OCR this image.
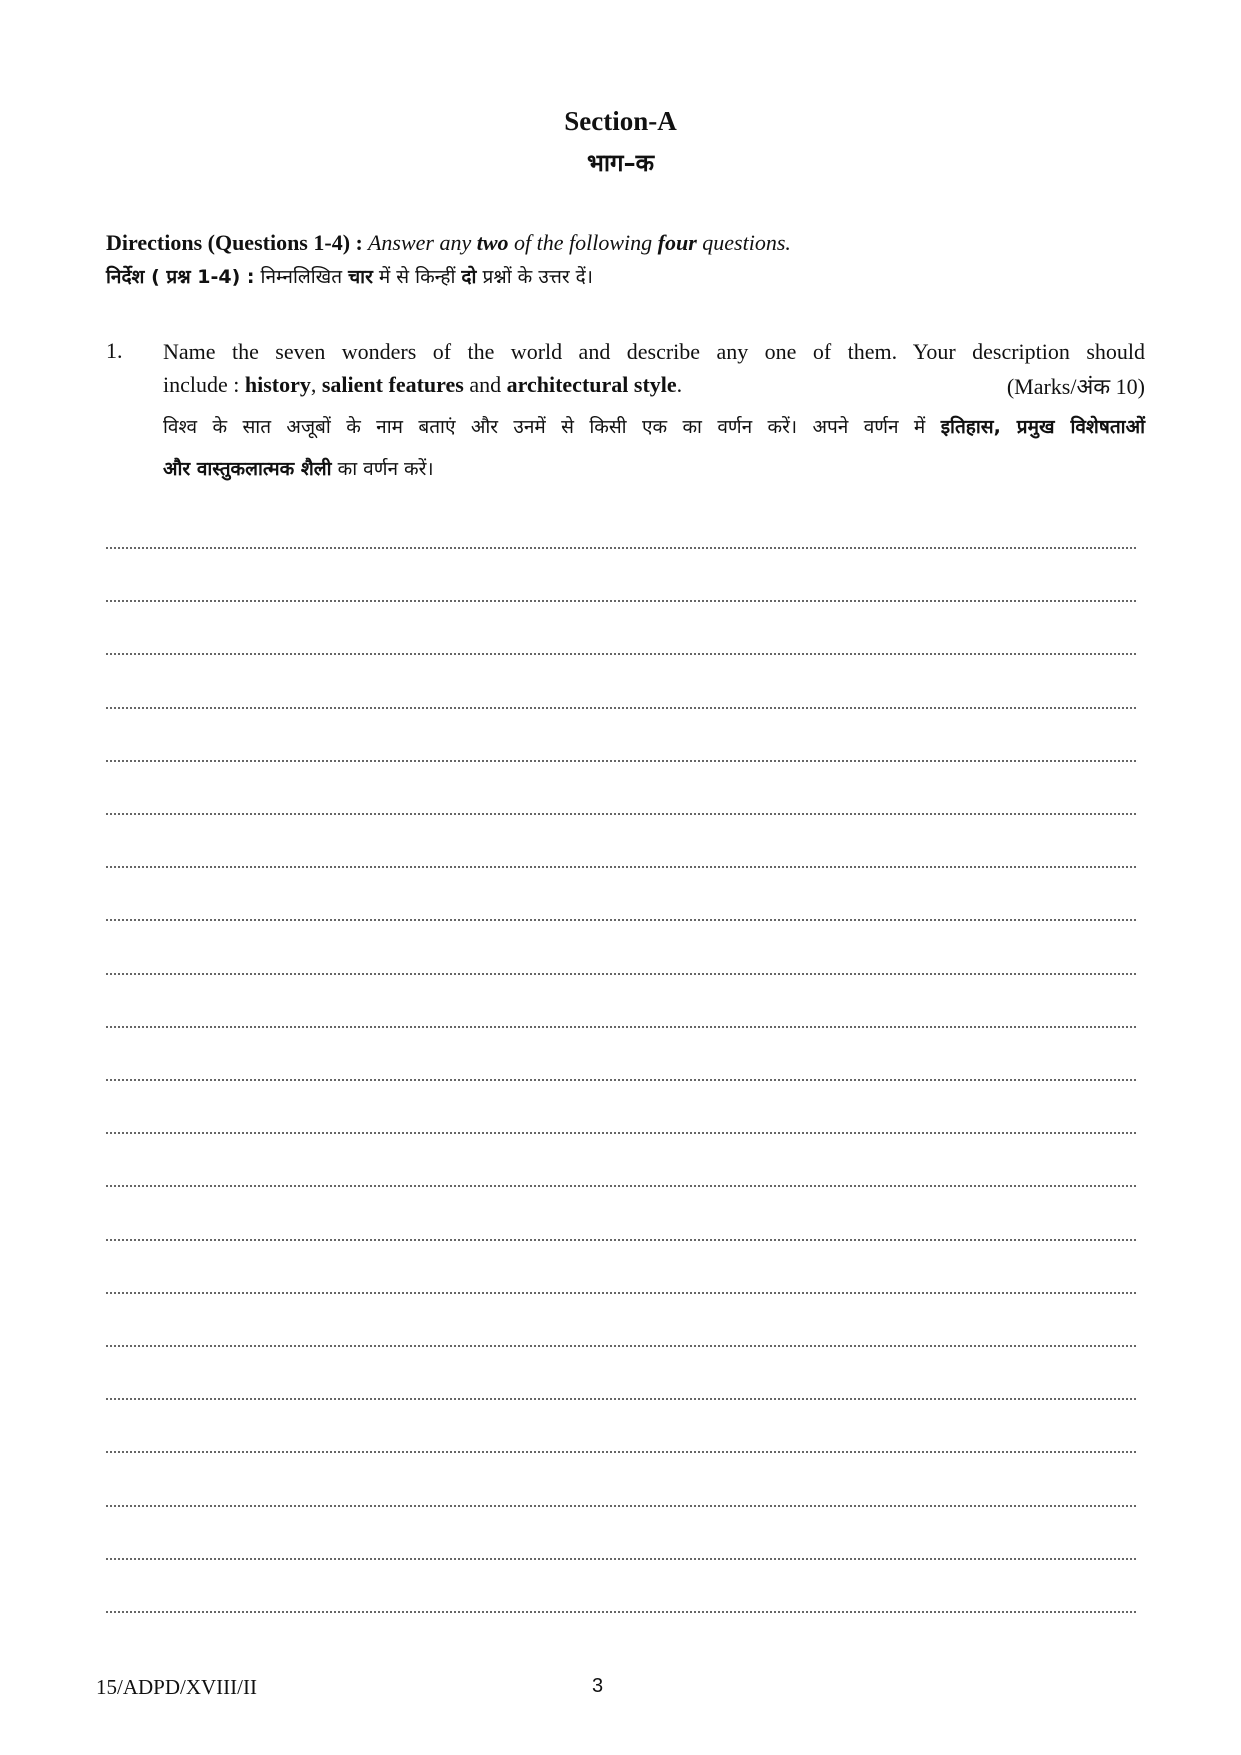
Section-A
भाग–क
Directions (Questions 1-4) : Answer any two of the following four questions.
निर्देश ( प्रश्न 1-4) : निम्नलिखित चार में से किन्हीं दो प्रश्नों के उत्तर दें।
1. Name the seven wonders of the world and describe any one of them. Your description should
include : history, salient features and architectural style.	(Marks/अंक 10)
विश्व के सात अजूबों के नाम बताएं और उनमें से किसी एक का वर्णन करें। अपने वर्णन में इतिहास, प्रमुख विशेषताओं
और वास्तुकलात्मक शैली का वर्णन करें।
15/ADPD/XVIII/II	3
